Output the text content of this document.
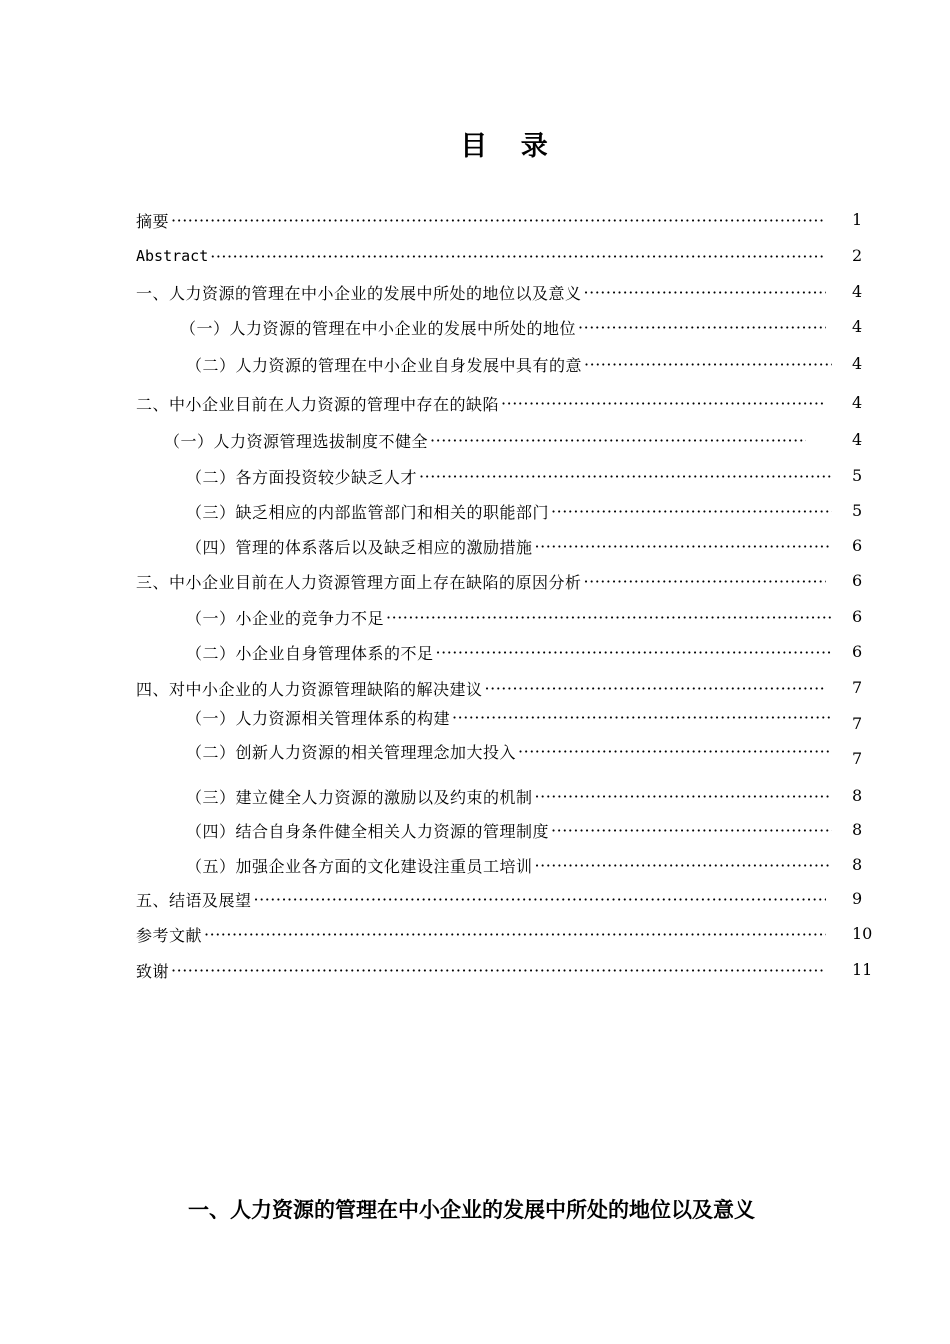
目 录
摘要 ·····	1
Abstract ·····	2
一、人力资源的管理在中小企业的发展中所处的地位以及意义 ·····	4
（一）人力资源的管理在中小企业的发展中所处的地位 ·····	4
（二）人力资源的管理在中小企业自身发展中具有的意 ·····	4
二、中小企业目前在人力资源的管理中存在的缺陷 ·····	4
（一）人力资源管理选拔制度不健全 ·····	4
（二）各方面投资较少缺乏人才 ·····	5
（三）缺乏相应的内部监管部门和相关的职能部门 ·····	5
（四）管理的体系落后以及缺乏相应的激励措施 ·····	6
三、中小企业目前在人力资源管理方面上存在缺陷的原因分析 ·····	6
（一）小企业的竞争力不足 ·····	6
（二）小企业自身管理体系的不足 ·····	6
四、对中小企业的人力资源管理缺陷的解决建议 ·····	7
（一）人力资源相关管理体系的构建 ·····	7
（二）创新人力资源的相关管理理念加大投入 ·····	7
（三）建立健全人力资源的激励以及约束的机制 ·····	8
（四）结合自身条件健全相关人力资源的管理制度 ·····	8
（五）加强企业各方面的文化建设注重员工培训 ·····	8
五、结语及展望 ·····	9
参考文献 ·····	10
致谢 ·····	11
一、人力资源的管理在中小企业的发展中所处的地位以及意义
